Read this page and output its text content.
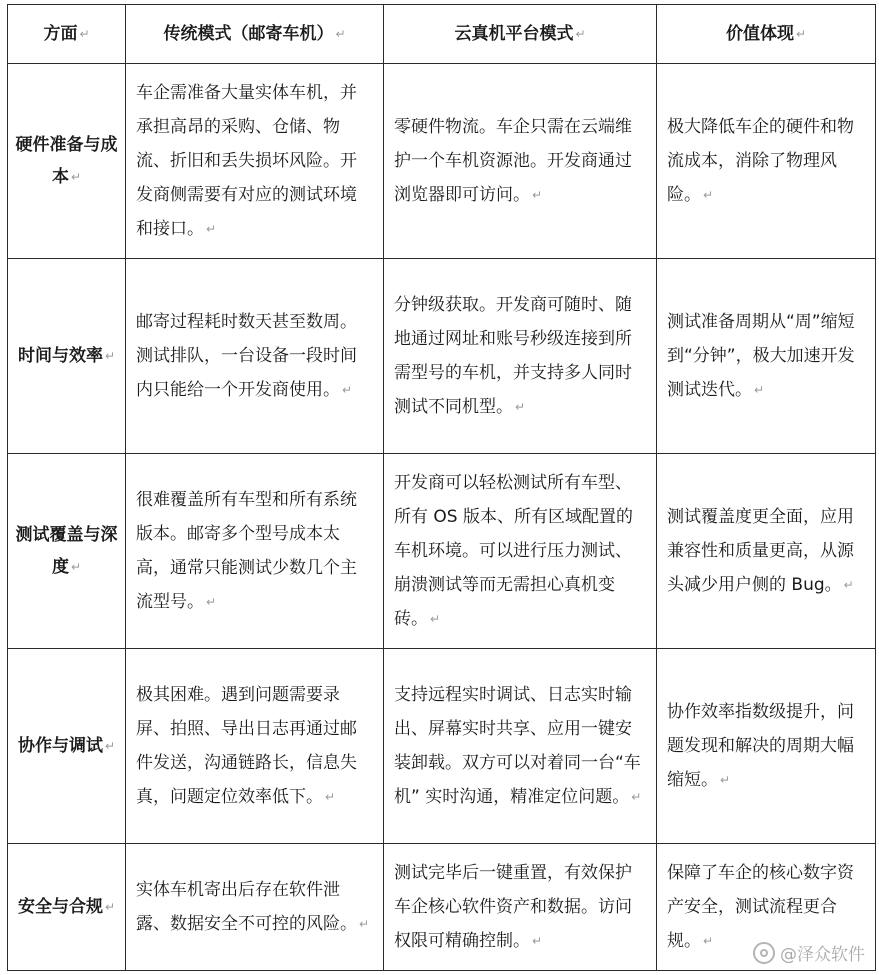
方面 ↵	传统模式（邮寄车机） ↵	云真机平台模式 ↵	价值体现 ↵
硬件准备与成本 ↵	车企需准备大量实体车机，并承担高昂的采购、仓储、物流、折旧和丢失损坏风险。开发商侧需要有对应的测试环境和接口。 ↵	零硬件物流。车企只需在云端维护一个车机资源池。开发商通过浏览器即可访问。 ↵	极大降低车企的硬件和物流成本，消除了物理风险。 ↵
时间与效率 ↵	邮寄过程耗时数天甚至数周。测试排队，一台设备一段时间内只能给一个开发商使用。 ↵	分钟级获取。开发商可随时、随地通过网址和账号秒级连接到所需型号的车机，并支持多人同时测试不同机型。 ↵	测试准备周期从“周”缩短到“分钟”，极大加速开发测试迭代。 ↵
测试覆盖与深度 ↵	很难覆盖所有车型和所有系统版本。邮寄多个型号成本太高，通常只能测试少数几个主流型号。 ↵	开发商可以轻松测试所有车型、所有 OS 版本、所有区域配置的车机环境。可以进行压力测试、崩溃测试等而无需担心真机变砖。 ↵	测试覆盖度更全面，应用兼容性和质量更高，从源头减少用户侧的 Bug。 ↵
协作与调试 ↵	极其困难。遇到问题需要录屏、拍照、导出日志再通过邮件发送，沟通链路长，信息失真，问题定位效率低下。 ↵	支持远程实时调试、日志实时输出、屏幕实时共享、应用一键安装卸载。双方可以对着同一台“车机” 实时沟通，精准定位问题。 ↵	协作效率指数级提升，问题发现和解决的周期大幅缩短。 ↵
安全与合规 ↵	实体车机寄出后存在软件泄露、数据安全不可控的风险。 ↵	测试完毕后一键重置，有效保护车企核心软件资产和数据。访问权限可精确控制。 ↵	保障了车企的核心数字资产安全，测试流程更合规。 ↵
@泽众软件
